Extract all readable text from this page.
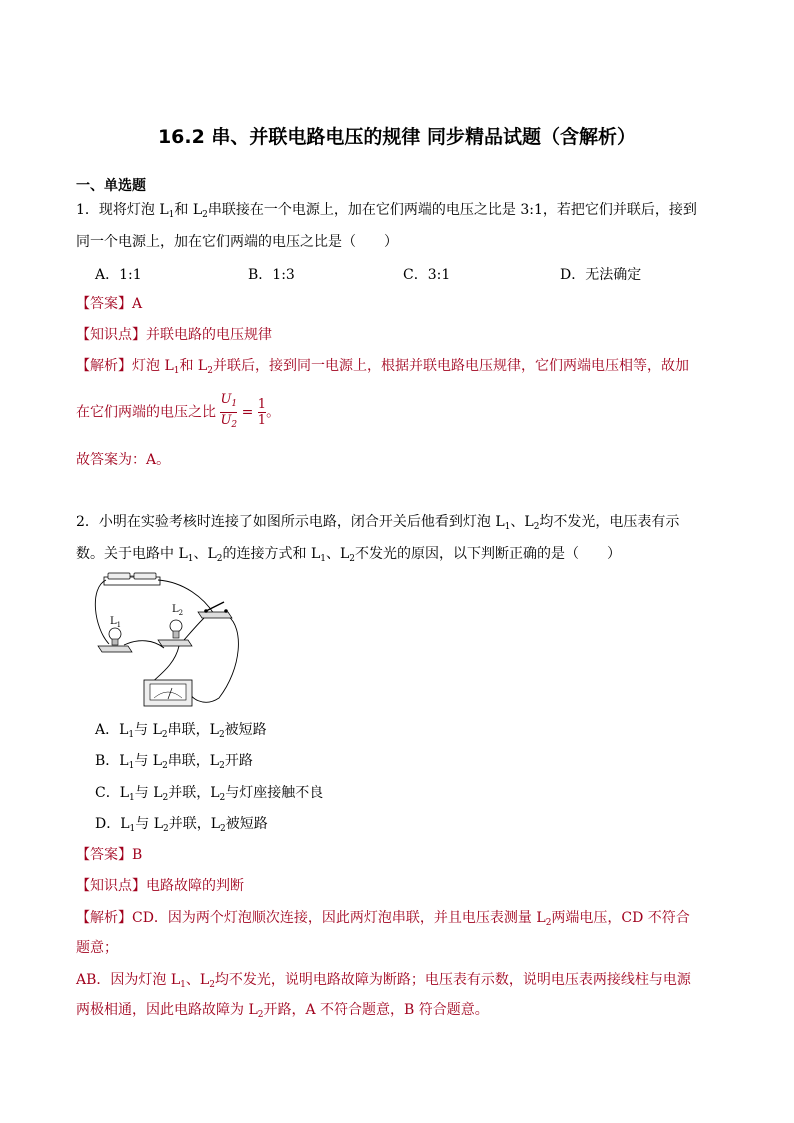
16.2 串、并联电路电压的规律 同步精品试题（含解析）
一、单选题
1．现将灯泡 $L_1$和 $L_2$串联接在一个电源上，加在它们两端的电压之比是 3:1，若把它们并联后，接到
同一个电源上，加在它们两端的电压之比是（　　）
A．1:1	B．1:3	C．3:1	D．无法确定
【答案】A
【知识点】并联电路的电压规律
【解析】灯泡 $L_1$和 $L_2$并联后，接到同一电源上，根据并联电路电压规律，它们两端电压相等，故加
在它们两端的电压之比 $\frac{U_1}{U_2} = \frac{1}{1}$ 。
故答案为：A。
2．小明在实验考核时连接了如图所示电路，闭合开关后他看到灯泡 $L_1$、$L_2$均不发光，电压表有示
数。关于电路中 $L_1$、$L_2$的连接方式和 $L_1$、$L_2$不发光的原因，以下判断正确的是（　　）
$L_1$
$L_2$
A．$L_1$与 $L_2$串联，$L_2$被短路
B．$L_1$与 $L_2$串联，$L_2$开路
C．$L_1$与 $L_2$并联，$L_2$与灯座接触不良
D．$L_1$与 $L_2$并联，$L_2$被短路
【答案】B
【知识点】电路故障的判断
【解析】CD．因为两个灯泡顺次连接，因此两灯泡串联，并且电压表测量 $L_2$两端电压，CD 不符合
题意；
AB．因为灯泡 $L_1$、$L_2$均不发光，说明电路故障为断路；电压表有示数，说明电压表两接线柱与电源
两极相通，因此电路故障为 $L_2$开路，A 不符合题意，B 符合题意。
